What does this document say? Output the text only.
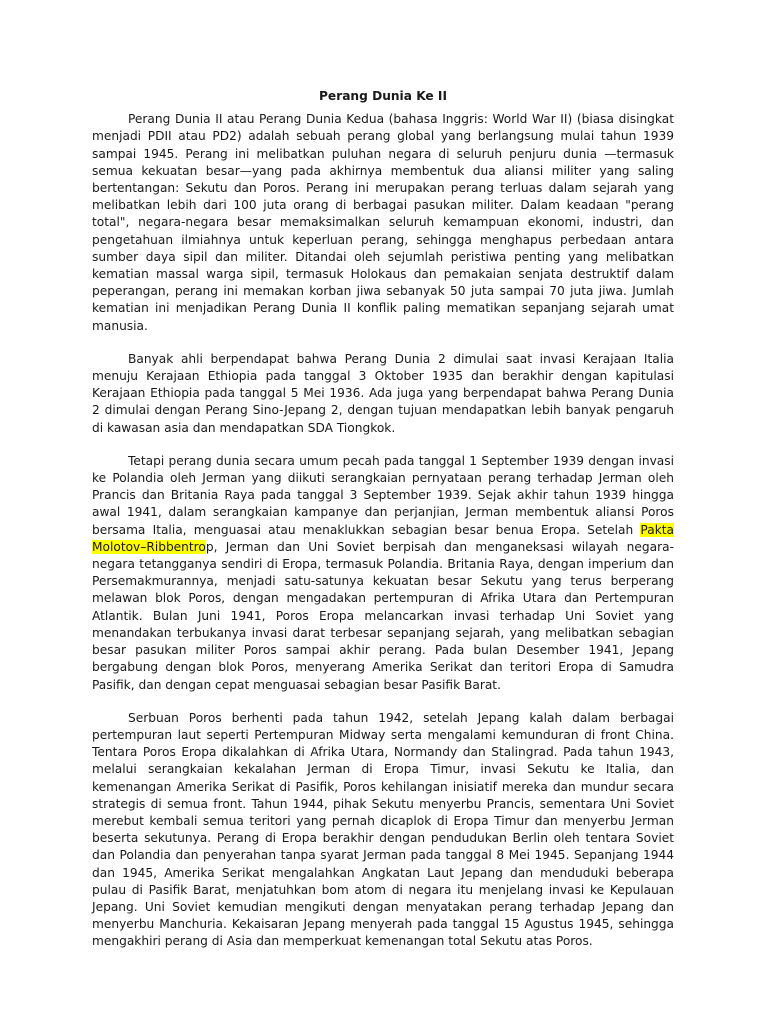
Perang Dunia Ke II

Perang Dunia II atau Perang Dunia Kedua (bahasa Inggris: World War II) (biasa disingkat menjadi PDII atau PD2) adalah sebuah perang global yang berlangsung mulai tahun 1939 sampai 1945. Perang ini melibatkan puluhan negara di seluruh penjuru dunia —termasuk semua kekuatan besar—yang pada akhirnya membentuk dua aliansi militer yang saling bertentangan: Sekutu dan Poros. Perang ini merupakan perang terluas dalam sejarah yang melibatkan lebih dari 100 juta orang di berbagai pasukan militer. Dalam keadaan "perang total", negara-negara besar memaksimalkan seluruh kemampuan ekonomi, industri, dan pengetahuan ilmiahnya untuk keperluan perang, sehingga menghapus perbedaan antara sumber daya sipil dan militer. Ditandai oleh sejumlah peristiwa penting yang melibatkan kematian massal warga sipil, termasuk Holokaus dan pemakaian senjata destruktif dalam peperangan, perang ini memakan korban jiwa sebanyak 50 juta sampai 70 juta jiwa. Jumlah kematian ini menjadikan Perang Dunia II konflik paling mematikan sepanjang sejarah umat manusia.

Banyak ahli berpendapat bahwa Perang Dunia 2 dimulai saat invasi Kerajaan Italia menuju Kerajaan Ethiopia pada tanggal 3 Oktober 1935 dan berakhir dengan kapitulasi Kerajaan Ethiopia pada tanggal 5 Mei 1936. Ada juga yang berpendapat bahwa Perang Dunia 2 dimulai dengan Perang Sino-Jepang 2, dengan tujuan mendapatkan lebih banyak pengaruh di kawasan asia dan mendapatkan SDA Tiongkok.

Tetapi perang dunia secara umum pecah pada tanggal 1 September 1939 dengan invasi ke Polandia oleh Jerman yang diikuti serangkaian pernyataan perang terhadap Jerman oleh Prancis dan Britania Raya pada tanggal 3 September 1939. Sejak akhir tahun 1939 hingga awal 1941, dalam serangkaian kampanye dan perjanjian, Jerman membentuk aliansi Poros bersama Italia, menguasai atau menaklukkan sebagian besar benua Eropa. Setelah Pakta Molotov–Ribbentrop, Jerman dan Uni Soviet berpisah dan menganeksasi wilayah negara-negara tetangganya sendiri di Eropa, termasuk Polandia. Britania Raya, dengan imperium dan Persemakmurannya, menjadi satu-satunya kekuatan besar Sekutu yang terus berperang melawan blok Poros, dengan mengadakan pertempuran di Afrika Utara dan Pertempuran Atlantik. Bulan Juni 1941, Poros Eropa melancarkan invasi terhadap Uni Soviet yang menandakan terbukanya invasi darat terbesar sepanjang sejarah, yang melibatkan sebagian besar pasukan militer Poros sampai akhir perang. Pada bulan Desember 1941, Jepang bergabung dengan blok Poros, menyerang Amerika Serikat dan teritori Eropa di Samudra Pasifik, dan dengan cepat menguasai sebagian besar Pasifik Barat.

Serbuan Poros berhenti pada tahun 1942, setelah Jepang kalah dalam berbagai pertempuran laut seperti Pertempuran Midway serta mengalami kemunduran di front China. Tentara Poros Eropa dikalahkan di Afrika Utara, Normandy dan Stalingrad. Pada tahun 1943, melalui serangkaian kekalahan Jerman di Eropa Timur, invasi Sekutu ke Italia, dan kemenangan Amerika Serikat di Pasifik, Poros kehilangan inisiatif mereka dan mundur secara strategis di semua front. Tahun 1944, pihak Sekutu menyerbu Prancis, sementara Uni Soviet merebut kembali semua teritori yang pernah dicaplok di Eropa Timur dan menyerbu Jerman beserta sekutunya. Perang di Eropa berakhir dengan pendudukan Berlin oleh tentara Soviet dan Polandia dan penyerahan tanpa syarat Jerman pada tanggal 8 Mei 1945. Sepanjang 1944 dan 1945, Amerika Serikat mengalahkan Angkatan Laut Jepang dan menduduki beberapa pulau di Pasifik Barat, menjatuhkan bom atom di negara itu menjelang invasi ke Kepulauan Jepang. Uni Soviet kemudian mengikuti dengan menyatakan perang terhadap Jepang dan menyerbu Manchuria. Kekaisaran Jepang menyerah pada tanggal 15 Agustus 1945, sehingga mengakhiri perang di Asia dan memperkuat kemenangan total Sekutu atas Poros.
